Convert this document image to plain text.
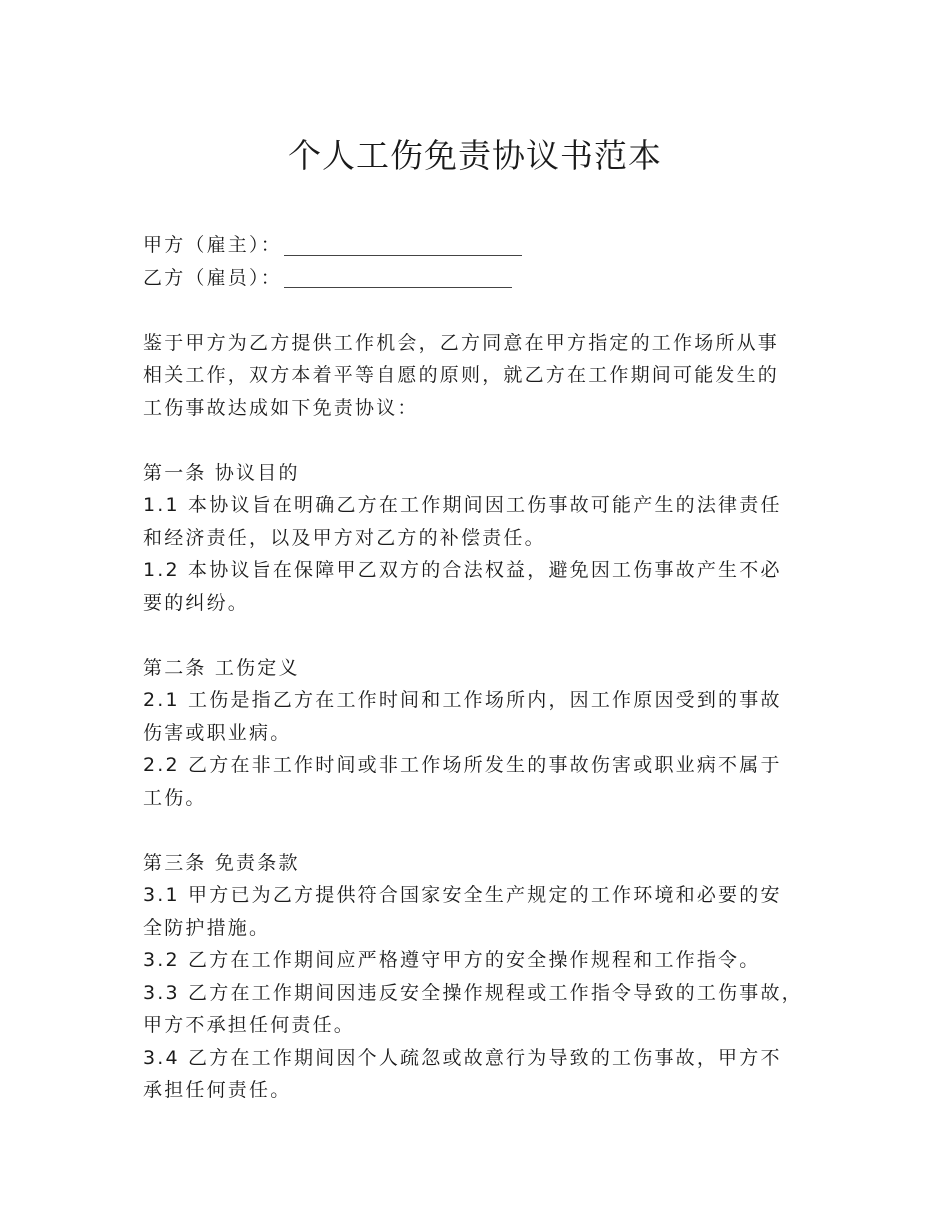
个人工伤免责协议书范本
甲方（雇主）：
乙方（雇员）：
鉴于甲方为乙方提供工作机会，乙方同意在甲方指定的工作场所从事
相关工作，双方本着平等自愿的原则，就乙方在工作期间可能发生的
工伤事故达成如下免责协议：
第一条 协议目的
1.1 本协议旨在明确乙方在工作期间因工伤事故可能产生的法律责任
和经济责任，以及甲方对乙方的补偿责任。
1.2 本协议旨在保障甲乙双方的合法权益，避免因工伤事故产生不必
要的纠纷。
第二条 工伤定义
2.1 工伤是指乙方在工作时间和工作场所内，因工作原因受到的事故
伤害或职业病。
2.2 乙方在非工作时间或非工作场所发生的事故伤害或职业病不属于
工伤。
第三条 免责条款
3.1 甲方已为乙方提供符合国家安全生产规定的工作环境和必要的安
全防护措施。
3.2 乙方在工作期间应严格遵守甲方的安全操作规程和工作指令。
3.3 乙方在工作期间因违反安全操作规程或工作指令导致的工伤事故，
甲方不承担任何责任。
3.4 乙方在工作期间因个人疏忽或故意行为导致的工伤事故，甲方不
承担任何责任。
